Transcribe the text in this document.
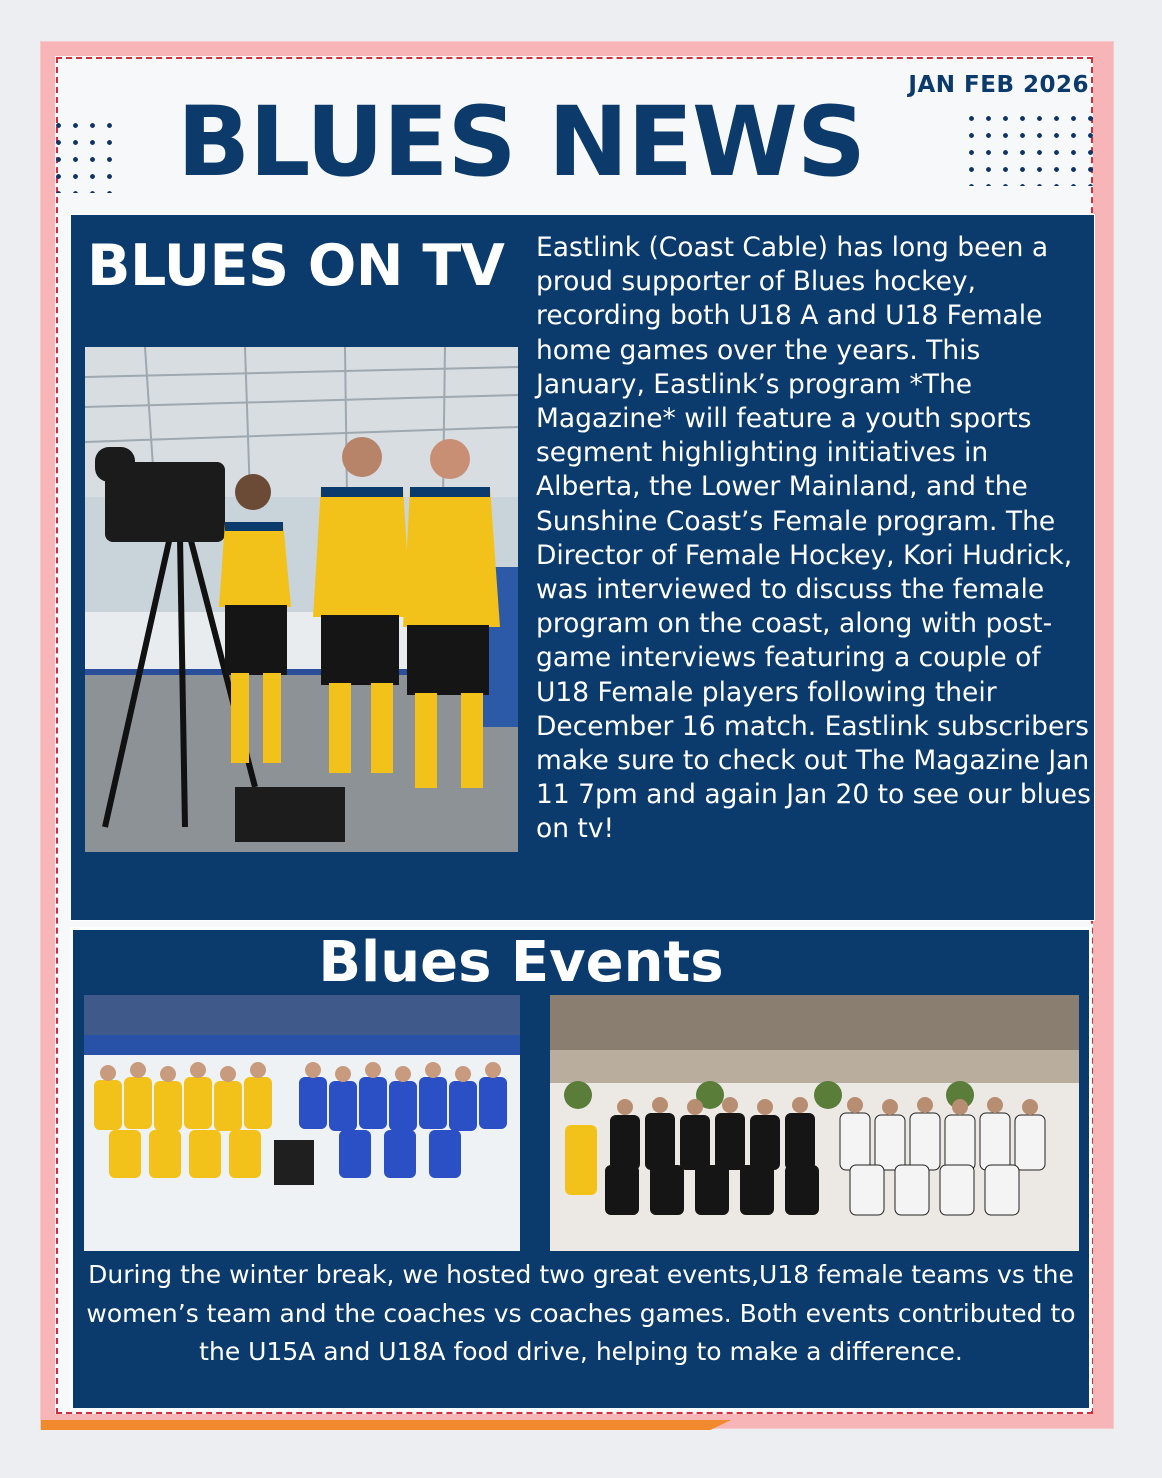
JAN FEB 2026
BLUES NEWS
BLUES ON TV Eastlink (Coast Cable) has long been a proud supporter of Blues hockey, recording both U18 A and U18 Female home games over the years. This January, Eastlink’s program *The Magazine* will feature a youth sports segment highlighting initiatives in Alberta, the Lower Mainland, and the Sunshine Coast’s Female program. The Director of Female Hockey, Kori Hudrick, was interviewed to discuss the female program on the coast, along with post-game interviews featuring a couple of U18 Female players following their December 16 match. Eastlink subscribers make sure to check out The Magazine Jan 11 7pm and again Jan 20 to see our blues on tv!
Blues Events
During the winter break, we hosted two great events,U18 female teams vs the women’s team and the coaches vs coaches games. Both events contributed to the U15A and U18A food drive, helping to make a difference.
